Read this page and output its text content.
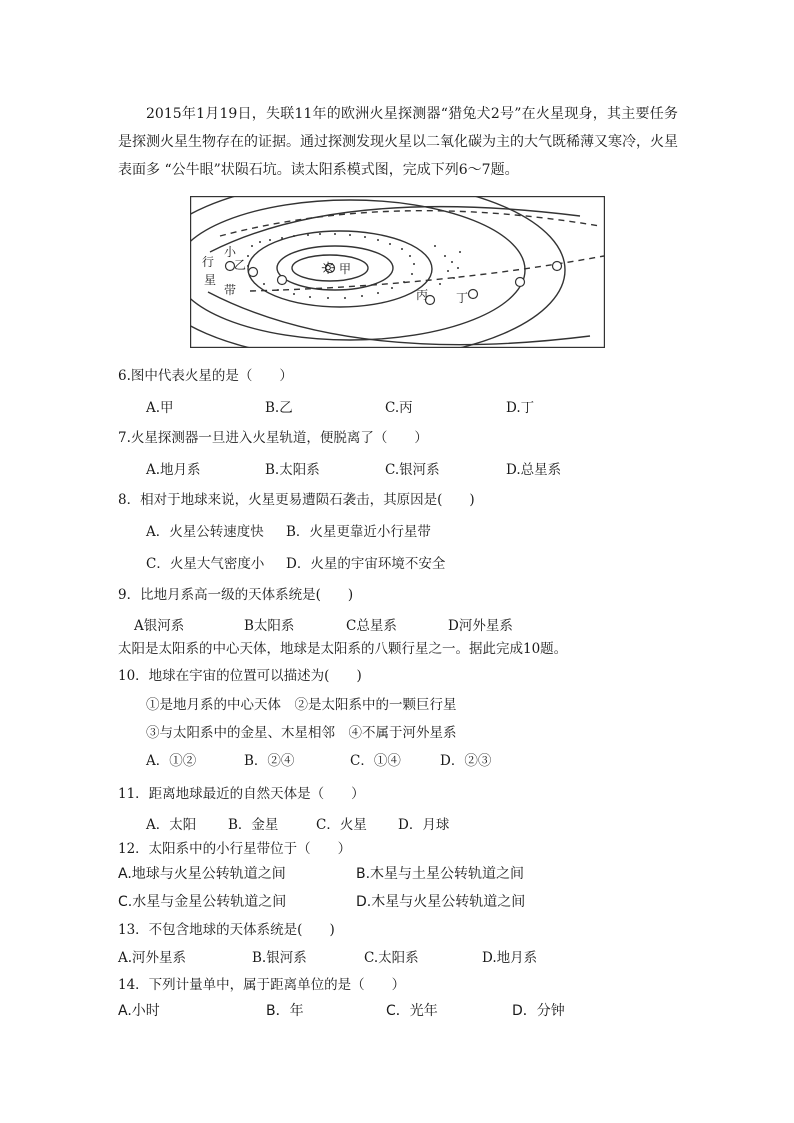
2015年1月19日，失联11年的欧洲火星探测器“猎兔犬2号”在火星现身，其主要任务是探测火星生物存在的证据。通过探测发现火星以二氧化碳为主的大气既稀薄又寒冷，火星表面多 “公牛眼”状陨石坑。读太阳系模式图，完成下列6～7题。

☼ 甲
乙
丙 丁
行
星
小
带
6.图中代表火星的是（　　）
A.甲	B.乙	C.丙	D.丁
7.火星探测器一旦进入火星轨道，便脱离了（　　）
A.地月系	B.太阳系	C.银河系	D.总星系
8．相对于地球来说，火星更易遭陨石袭击，其原因是(　　)
A．火星公转速度快 B．火星更靠近小行星带
C．火星大气密度小 D．火星的宇宙环境不安全
9．比地月系高一级的天体系统是(　　)
A银河系	B太阳系	C总星系	D河外星系
太阳是太阳系的中心天体，地球是太阳系的八颗行星之一。据此完成10题。
10．地球在宇宙的位置可以描述为(　　)
①是地月系的中心天体　②是太阳系中的一颗巨行星
③与太阳系中的金星、木星相邻　④不属于河外星系
A．①②	B．②④	C．①④	D．②③
11．距离地球最近的自然天体是（　　）
A．太阳 B．金星	C．火星 D．月球
12．太阳系中的小行星带位于（　　）
A.地球与火星公转轨道之间	B.木星与土星公转轨道之间
C.水星与金星公转轨道之间	D.木星与火星公转轨道之间
13．不包含地球的天体系统是(　　)
A.河外星系	B.银河系	C.太阳系	D.地月系
14．下列计量单中，属于距离单位的是（　　）
A.小时	B．年	C．光年	D．分钟
